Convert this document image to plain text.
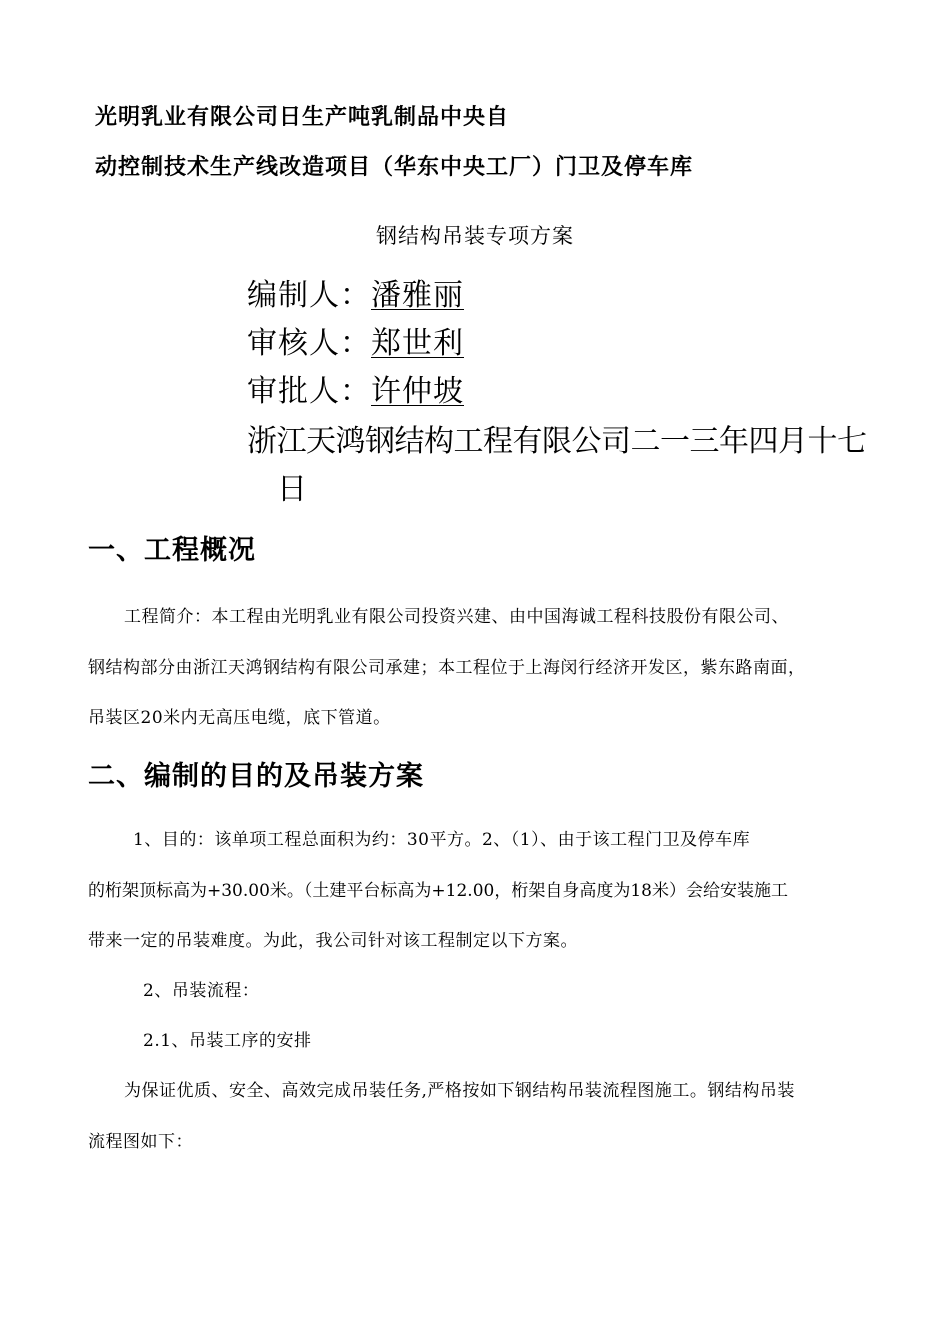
光明乳业有限公司日生产吨乳制品中央自
动控制技术生产线改造项目（华东中央工厂）门卫及停车库
钢结构吊装专项方案
编制人：潘雅丽
审核人：郑世利
审批人：许仲坡
浙江天鸿钢结构工程有限公司二一三年四月十七
日
一、工程概况
工程简介：本工程由光明乳业有限公司投资兴建、由中国海诚工程科技股份有限公司、
钢结构部分由浙江天鸿钢结构有限公司承建；本工程位于上海闵行经济开发区，紫东路南面，
吊装区20米内无高压电缆，底下管道。
二、编制的目的及吊装方案
1、目的：该单项工程总面积为约：30平方。2、（1）、由于该工程门卫及停车库
的桁架顶标高为+30.00米。（土建平台标高为+12.00，桁架自身高度为18米）会给安装施工
带来一定的吊装难度。为此，我公司针对该工程制定以下方案。
2、吊装流程：
2.1、吊装工序的安排
为保证优质、安全、高效完成吊装任务,严格按如下钢结构吊装流程图施工。钢结构吊装
流程图如下：
